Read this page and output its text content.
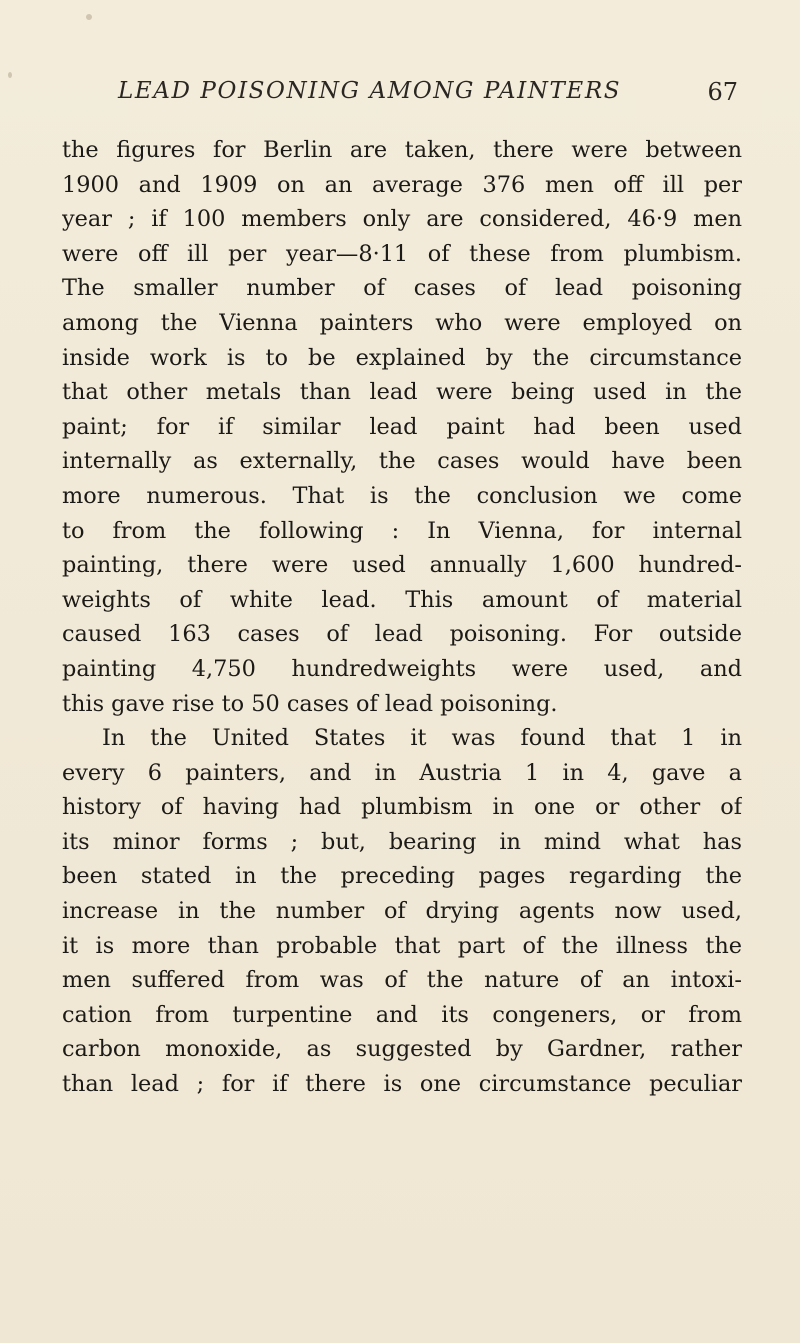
LEAD POISONING AMONG PAINTERS	67
the figures for Berlin are taken, there were between
1900 and 1909 on an average 376 men off ill per
year ; if 100 members only are considered, 46·9 men
were off ill per year—8·11 of these from plumbism.
The smaller number of cases of lead poisoning
among the Vienna painters who were employed on
inside work is to be explained by the circumstance
that other metals than lead were being used in the
paint; for if similar lead paint had been used
internally as externally, the cases would have been
more numerous. That is the conclusion we come
to from the following : In Vienna, for internal
painting, there were used annually 1,600 hundred-
weights of white lead. This amount of material
caused 163 cases of lead poisoning. For outside
painting 4,750 hundredweights were used, and
this gave rise to 50 cases of lead poisoning.
In the United States it was found that 1 in
every 6 painters, and in Austria 1 in 4, gave a
history of having had plumbism in one or other of
its minor forms ; but, bearing in mind what has
been stated in the preceding pages regarding the
increase in the number of drying agents now used,
it is more than probable that part of the illness the
men suffered from was of the nature of an intoxi-
cation from turpentine and its congeners, or from
carbon monoxide, as suggested by Gardner, rather
than lead ; for if there is one circumstance peculiar
